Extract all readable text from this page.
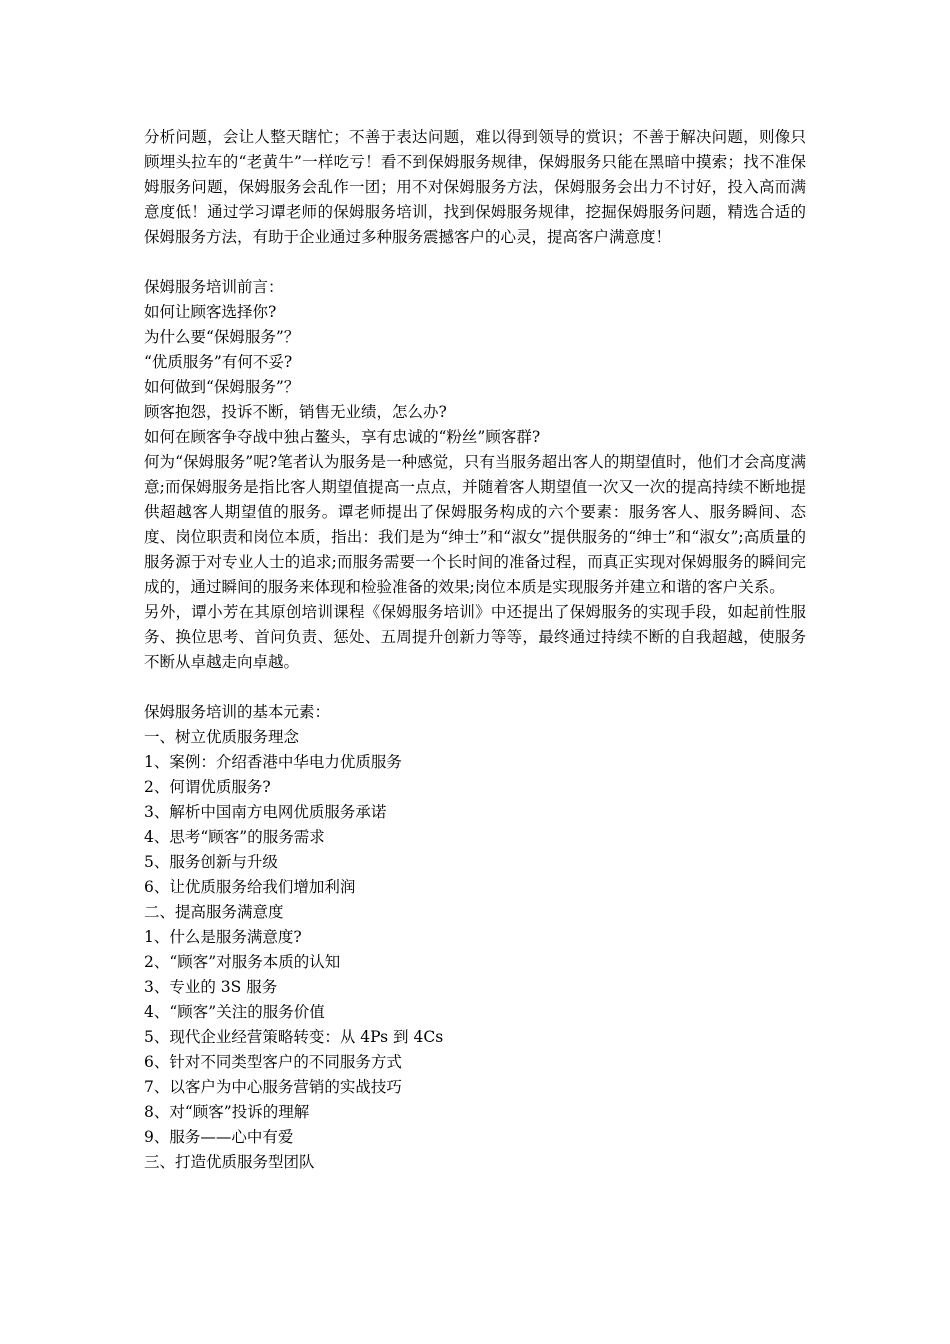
分析问题，会让人整天瞎忙；不善于表达问题，难以得到领导的赏识；不善于解决问题，则像只顾埋头拉车的“老黄牛”一样吃亏！看不到保姆服务规律，保姆服务只能在黑暗中摸索；找不准保姆服务问题，保姆服务会乱作一团；用不对保姆服务方法，保姆服务会出力不讨好，投入高而满意度低！通过学习谭老师的保姆服务培训，找到保姆服务规律，挖掘保姆服务问题，精选合适的保姆服务方法，有助于企业通过多种服务震撼客户的心灵，提高客户满意度！

保姆服务培训前言：

如何让顾客选择你?

为什么要“保姆服务”？

“优质服务”有何不妥?

如何做到“保姆服务”？

顾客抱怨，投诉不断，销售无业绩，怎么办?

如何在顾客争夺战中独占鳌头，享有忠诚的“粉丝”顾客群?

何为“保姆服务”呢?笔者认为服务是一种感觉，只有当服务超出客人的期望值时，他们才会高度满意;而保姆服务是指比客人期望值提高一点点，并随着客人期望值一次又一次的提高持续不断地提供超越客人期望值的服务。谭老师提出了保姆服务构成的六个要素：服务客人、服务瞬间、态度、岗位职责和岗位本质，指出：我们是为“绅士”和“淑女”提供服务的“绅士”和“淑女”;高质量的服务源于对专业人士的追求;而服务需要一个长时间的准备过程，而真正实现对保姆服务的瞬间完成的，通过瞬间的服务来体现和检验准备的效果;岗位本质是实现服务并建立和谐的客户关系。

另外，谭小芳在其原创培训课程《保姆服务培训》中还提出了保姆服务的实现手段，如起前性服务、换位思考、首问负责、惩处、五周提升创新力等等，最终通过持续不断的自我超越，使服务不断从卓越走向卓越。

保姆服务培训的基本元素：

一、树立优质服务理念

1、案例：介绍香港中华电力优质服务

2、何谓优质服务?

3、解析中国南方电网优质服务承诺

4、思考“顾客”的服务需求

5、服务创新与升级

6、让优质服务给我们增加利润

二、提高服务满意度

1、什么是服务满意度?

2、“顾客”对服务本质的认知

3、专业的 3S 服务

4、“顾客”关注的服务价值

5、现代企业经营策略转变：从 4Ps 到 4Cs

6、针对不同类型客户的不同服务方式

7、以客户为中心服务营销的实战技巧

8、对“顾客”投诉的理解

9、服务——心中有爱

三、打造优质服务型团队
